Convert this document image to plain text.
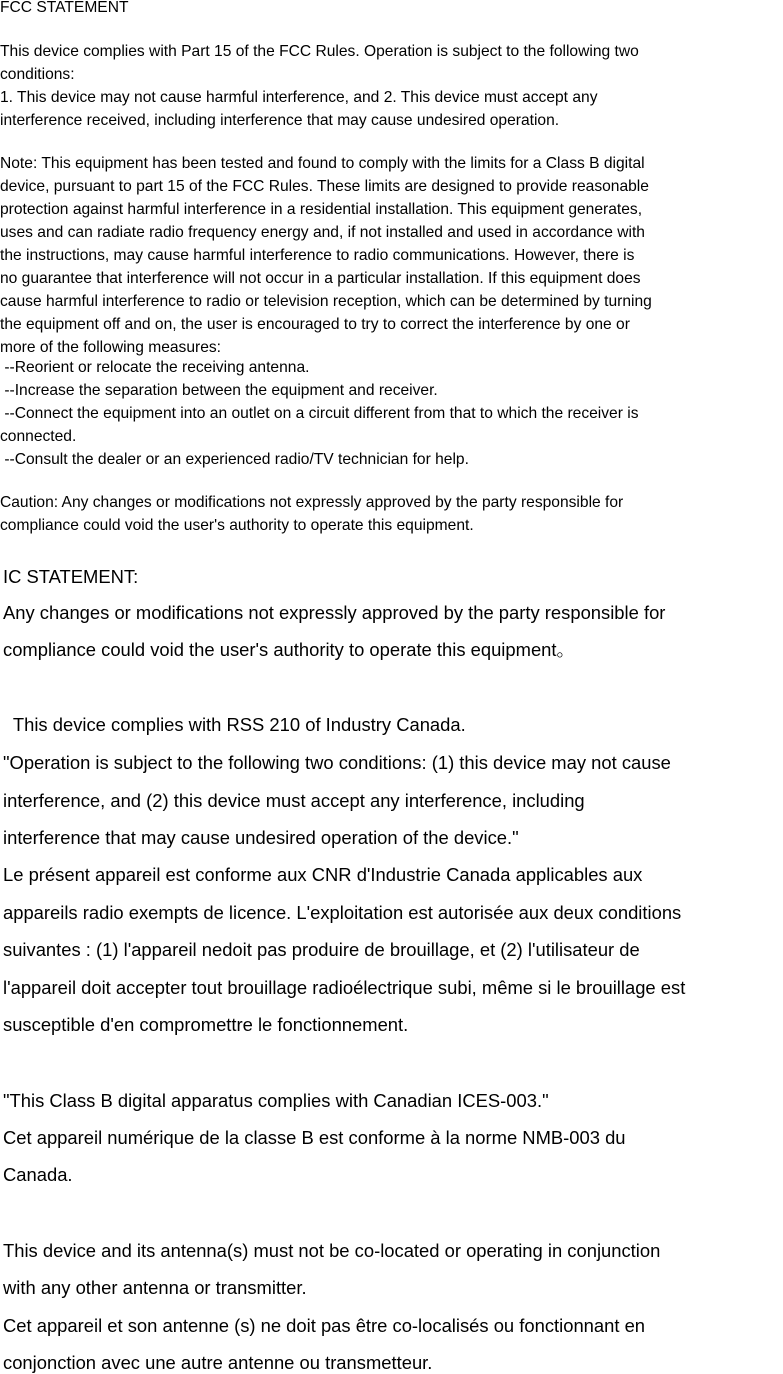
FCC STATEMENT
This device complies with Part 15 of the FCC Rules. Operation is subject to the following two
conditions:
1. This device may not cause harmful interference, and 2. This device must accept any
interference received, including interference that may cause undesired operation.
Note: This equipment has been tested and found to comply with the limits for a Class B digital
device, pursuant to part 15 of the FCC Rules. These limits are designed to provide reasonable
protection against harmful interference in a residential installation. This equipment generates,
uses and can radiate radio frequency energy and, if not installed and used in accordance with
the instructions, may cause harmful interference to radio communications. However, there is
no guarantee that interference will not occur in a particular installation. If this equipment does
cause harmful interference to radio or television reception, which can be determined by turning
the equipment off and on, the user is encouraged to try to correct the interference by one or
more of the following measures:
--Reorient or relocate the receiving antenna.
--Increase the separation between the equipment and receiver.
--Connect the equipment into an outlet on a circuit different from that to which the receiver is
connected.
--Consult the dealer or an experienced radio/TV technician for help.
Caution: Any changes or modifications not expressly approved by the party responsible for
compliance could void the user's authority to operate this equipment.
IC STATEMENT:
Any changes or modifications not expressly approved by the party responsible for
compliance could void the user's authority to operate this equipment。
This device complies with RSS 210 of Industry Canada.
"Operation is subject to the following two conditions: (1) this device may not cause
interference, and (2) this device must accept any interference, including
interference that may cause undesired operation of the device."
Le présent appareil est conforme aux CNR d'Industrie Canada applicables aux
appareils radio exempts de licence. L'exploitation est autorisée aux deux conditions
suivantes : (1) l'appareil nedoit pas produire de brouillage, et (2) l'utilisateur de
l'appareil doit accepter tout brouillage radioélectrique subi, même si le brouillage est
susceptible d'en compromettre le fonctionnement.
"This Class B digital apparatus complies with Canadian ICES-003."
Cet appareil numérique de la classe B est conforme à la norme NMB-003 du
Canada.
This device and its antenna(s) must not be co-located or operating in conjunction
with any other antenna or transmitter.
Cet appareil et son antenne (s) ne doit pas être co-localisés ou fonctionnant en
conjonction avec une autre antenne ou transmetteur.
